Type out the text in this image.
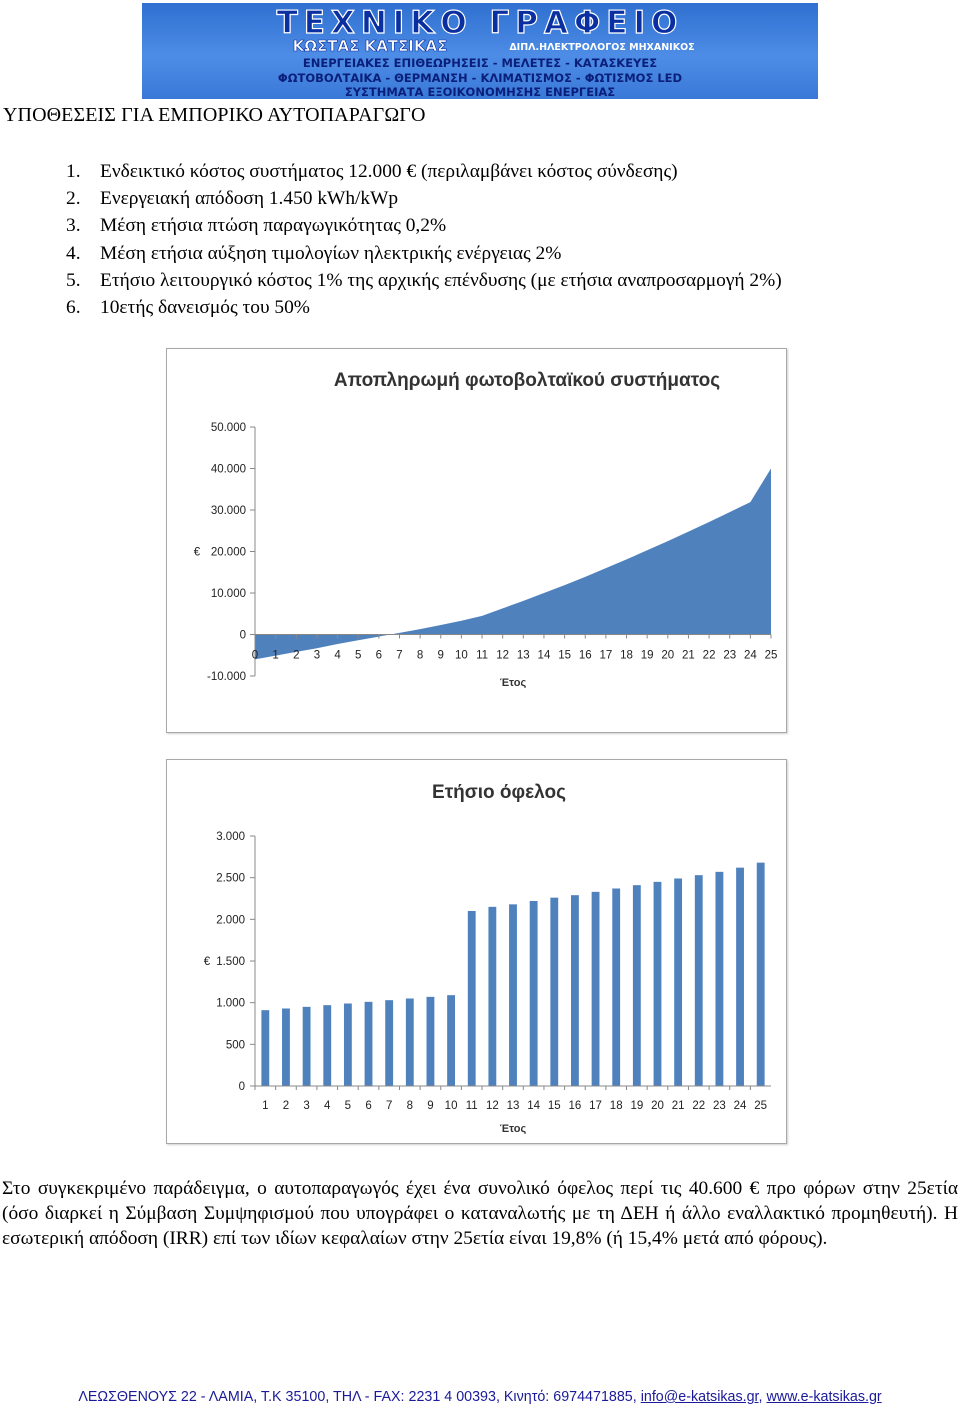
ΤΕΧΝΙΚΟ ΓΡΑΦΕΙΟ
ΚΩΣΤΑΣ ΚΑΤΣΙΚΑΣ	ΔΙΠΛ.ΗΛΕΚΤΡΟΛΟΓΟΣ ΜΗΧΑΝΙΚΟΣ
ΕΝΕΡΓΕΙΑΚΕΣ ΕΠΙΘΕΩΡΗΣΕΙΣ - ΜΕΛΕΤΕΣ - ΚΑΤΑΣΚΕΥΕΣ
ΦΩΤΟΒΟΛΤΑΙΚΑ - ΘΕΡΜΑΝΣΗ - ΚΛΙΜΑΤΙΣΜΟΣ - ΦΩΤΙΣΜΟΣ LED
ΣΥΣΤΗΜΑΤΑ ΕΞΟΙΚΟΝΟΜΗΣΗΣ ΕΝΕΡΓΕΙΑΣ
ΥΠΟΘΕΣΕΙΣ ΓΙΑ ΕΜΠΟΡΙΚΟ ΑΥΤΟΠΑΡΑΓΩΓΟ
1.	Ενδεικτικό κόστος συστήματος 12.000 € (περιλαμβάνει κόστος σύνδεσης)
2.	Ενεργειακή απόδοση 1.450 kWh/kWp
3.	Μέση ετήσια πτώση παραγωγικότητας 0,2%
4.	Μέση ετήσια αύξηση τιμολογίων ηλεκτρικής ενέργειας 2%
5.	Ετήσιο λειτουργικό κόστος 1% της αρχικής επένδυσης (με ετήσια αναπροσαρμογή 2%)
6.	10ετής δανεισμός του 50%
Αποπληρωμή φωτοβολταϊκού συστήματος
-10.000
0
10.000
20.000
30.000
40.000
50.000
€
0 1 2 3 4 5 6 7 8 9 10 11 12 13 14 15 16 17 18 19 20 21 22 23 24 25
Έτος
Ετήσιο όφελος
1 2 3 4 5 6 7 8 9 10 11 12 13 14 15 16 17 18 19 20 21 22 23 24 25
0
500
1.000
1.500
2.000
2.500
3.000
€
Έτος

Στο συγκεκριμένο παράδειγμα, ο αυτοπαραγωγός έχει ένα συνολικό όφελος περί τις 40.600 € προ φόρων στην 25ετία (όσο διαρκεί η Σύμβαση Συμψηφισμού που υπογράφει ο καταναλωτής με τη ΔΕΗ ή άλλο εναλλακτικό προμηθευτή). Η εσωτερική απόδοση (IRR) επί των ιδίων κεφαλαίων στην 25ετία είναι 19,8% (ή 15,4% μετά από φόρους).

ΛΕΩΣΘΕΝΟΥΣ 22 - ΛΑΜΙΑ, Τ.Κ 35100, ΤΗΛ - FAX: 2231 4 00393, Κινητό: 6974471885, info@e-katsikas.gr, www.e-katsikas.gr
